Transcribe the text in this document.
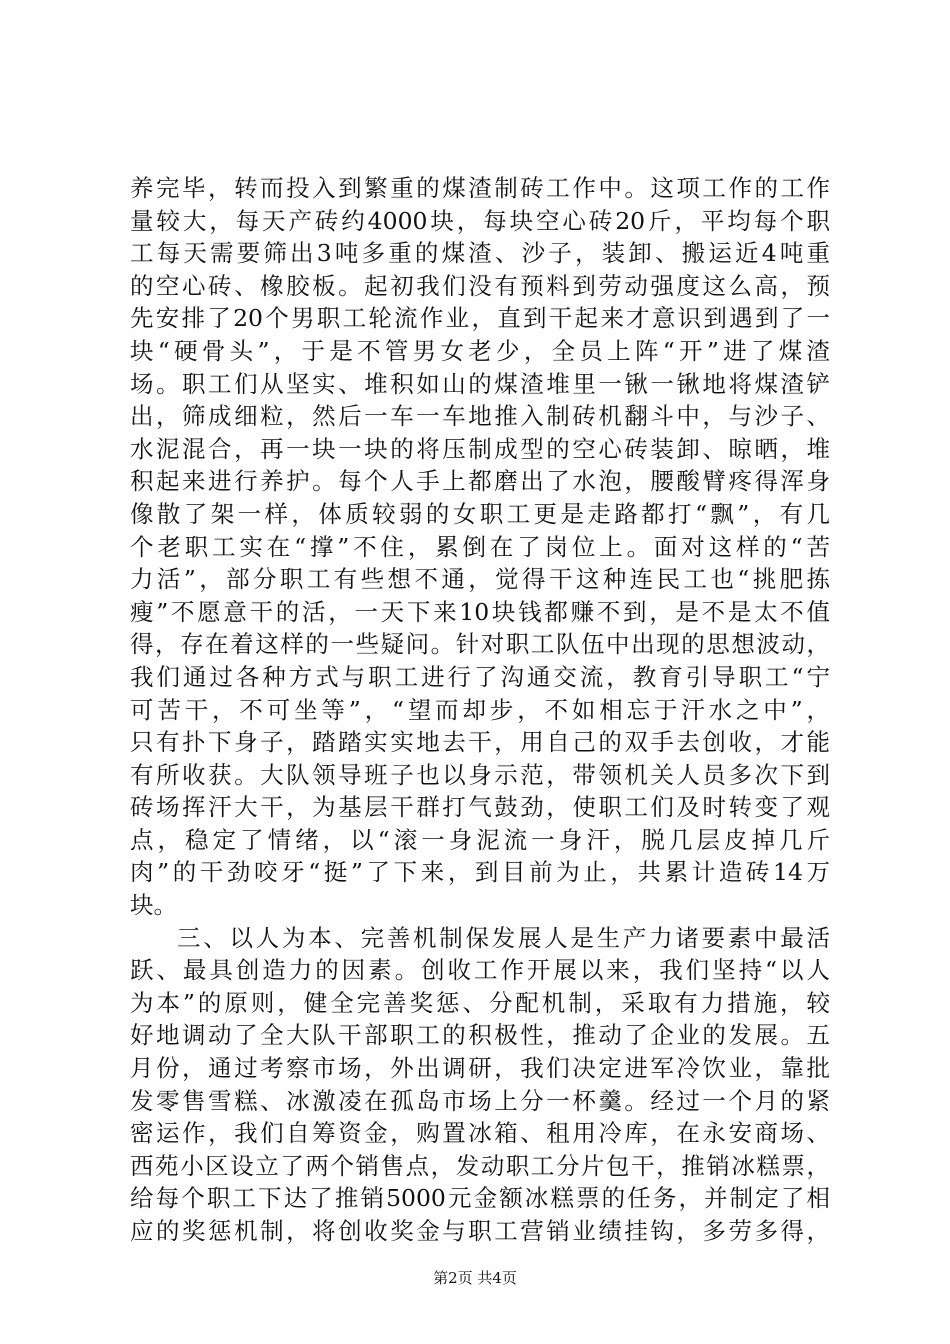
养完毕，转而投入到繁重的煤渣制砖工作中。这项工作的工作
量较大，每天产砖约4000块，每块空心砖20斤，平均每个职
工每天需要筛出3吨多重的煤渣、沙子，装卸、搬运近4吨重
的空心砖、橡胶板。起初我们没有预料到劳动强度这么高，预
先安排了20个男职工轮流作业，直到干起来才意识到遇到了一
块“硬骨头”，于是不管男女老少，全员上阵“开”进了煤渣
场。职工们从坚实、堆积如山的煤渣堆里一锹一锹地将煤渣铲
出，筛成细粒，然后一车一车地推入制砖机翻斗中，与沙子、
水泥混合，再一块一块的将压制成型的空心砖装卸、晾晒，堆
积起来进行养护。每个人手上都磨出了水泡，腰酸臂疼得浑身
像散了架一样，体质较弱的女职工更是走路都打“飘”，有几
个老职工实在“撑”不住，累倒在了岗位上。面对这样的“苦
力活”，部分职工有些想不通，觉得干这种连民工也“挑肥拣
瘦”不愿意干的活，一天下来10块钱都赚不到，是不是太不值
得，存在着这样的一些疑问。针对职工队伍中出现的思想波动，
我们通过各种方式与职工进行了沟通交流，教育引导职工“宁
可苦干，不可坐等”，“望而却步，不如相忘于汗水之中”，
只有扑下身子，踏踏实实地去干，用自己的双手去创收，才能
有所收获。大队领导班子也以身示范，带领机关人员多次下到
砖场挥汗大干，为基层干群打气鼓劲，使职工们及时转变了观
点，稳定了情绪，以“滚一身泥流一身汗，脱几层皮掉几斤
肉”的干劲咬牙“挺”了下来，到目前为止，共累计造砖14万
块。
三、以人为本、完善机制保发展人是生产力诸要素中最活
跃、最具创造力的因素。创收工作开展以来，我们坚持“以人
为本”的原则，健全完善奖惩、分配机制，采取有力措施，较
好地调动了全大队干部职工的积极性，推动了企业的发展。五
月份，通过考察市场，外出调研，我们决定进军冷饮业，靠批
发零售雪糕、冰激凌在孤岛市场上分一杯羹。经过一个月的紧
密运作，我们自筹资金，购置冰箱、租用冷库，在永安商场、
西苑小区设立了两个销售点，发动职工分片包干，推销冰糕票，
给每个职工下达了推销5000元金额冰糕票的任务，并制定了相
应的奖惩机制，将创收奖金与职工营销业绩挂钩，多劳多得，
第2页 共4页
